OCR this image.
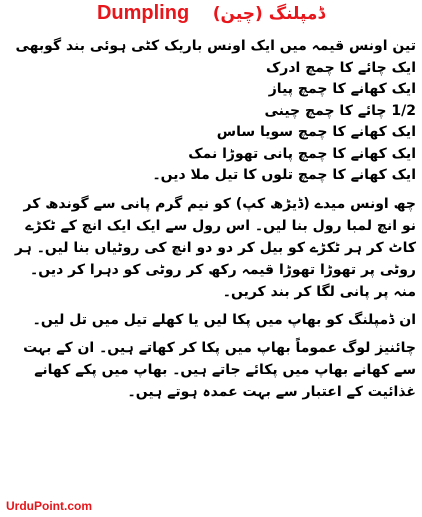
Dumpling ڈمپلنگ (چین)

تین اونس قیمہ میں ایک اونس باریک کٹی ہوئی بند گوبھی

ایک چائے کا چمچ ادرک

ایک کھانے کا چمچ پیاز

1/2 چائے کا چمچ چینی

ایک کھانے کا چمچ سویا ساس

ایک کھانے کا چمچ پانی تھوڑا نمک

ایک کھانے کا چمچ تلوں کا تیل ملا دیں۔

چھ اونس میدے (ڈیڑھ کپ) کو نیم گرم پانی سے گوندھ کر نو انچ لمبا رول بنا لیں۔ اس رول سے ایک ایک انچ کے ٹکڑے کاٹ کر ہر ٹکڑے کو بیل کر دو دو انچ کی روٹیاں بنا لیں۔ ہر روٹی پر تھوڑا تھوڑا قیمہ رکھ کر روٹی کو دہرا کر دیں۔ منہ پر پانی لگا کر بند کریں۔

ان ڈمپلنگ کو بھاپ میں پکا لیں یا کھلے تیل میں تل لیں۔

چائنیز لوگ عموماً بھاپ میں پکا کر کھاتے ہیں۔ ان کے بہت سے کھانے بھاپ میں پکائے جاتے ہیں۔ بھاپ میں پکے کھانے غذائیت کے اعتبار سے بہت عمدہ ہوتے ہیں۔

UrduPoint.com
